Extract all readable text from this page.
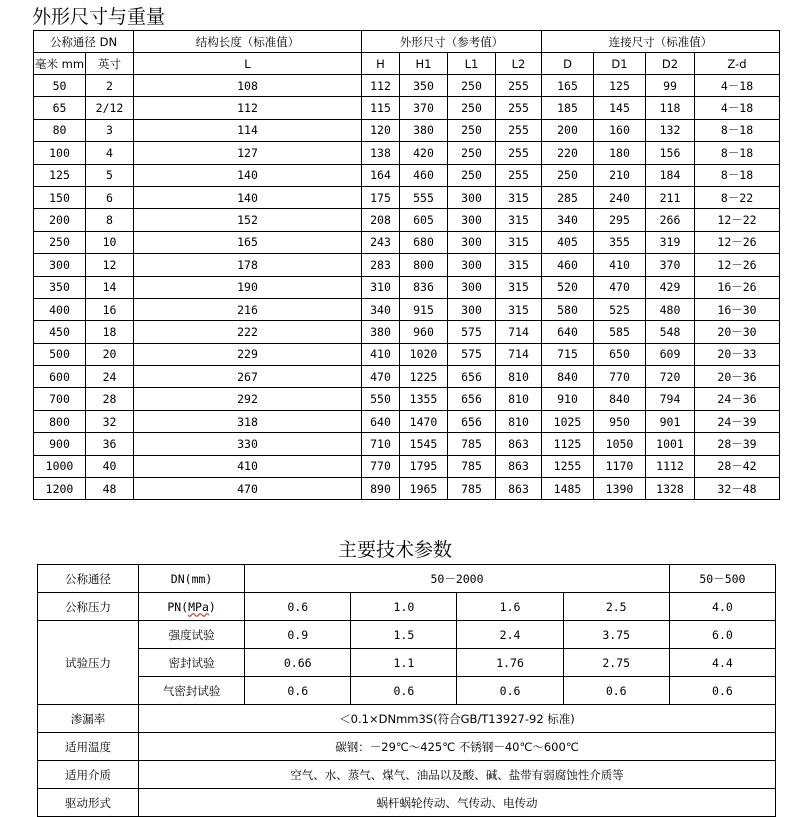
外形尺寸与重量
公称通径 DN		结构长度（标准值）	外形尺寸（参考值）				连接尺寸（标准值）			
毫米 mm	英寸	L	H	H1	L1	L2	D	D1	D2	Z-d
50	2	108	112	350	250	255	165	125	99	4－18
65	2/12	112	115	370	250	255	185	145	118	4－18
80	3	114	120	380	250	255	200	160	132	8－18
100	4	127	138	420	250	255	220	180	156	8－18
125	5	140	164	460	250	255	250	210	184	8－18
150	6	140	175	555	300	315	285	240	211	8－22
200	8	152	208	605	300	315	340	295	266	12－22
250	10	165	243	680	300	315	405	355	319	12－26
300	12	178	283	800	300	315	460	410	370	12－26
350	14	190	310	836	300	315	520	470	429	16－26
400	16	216	340	915	300	315	580	525	480	16－30
450	18	222	380	960	575	714	640	585	548	20－30
500	20	229	410	1020	575	714	715	650	609	20－33
600	24	267	470	1225	656	810	840	770	720	20－36
700	28	292	550	1355	656	810	910	840	794	24－36
800	32	318	640	1470	656	810	1025	950	901	24－39
900	36	330	710	1545	785	863	1125	1050	1001	28－39
1000	40	410	770	1795	785	863	1255	1170	1112	28－42
1200	48	470	890	1965	785	863	1485	1390	1328	32－48
主要技术参数
公称通径	DN(mm)	50－2000				50－500
公称压力	PN(MPa)	0.6	1.0	1.6	2.5	4.0
试验压力	强度试验	0.9	1.5	2.4	3.75	6.0
	密封试验	0.66	1.1	1.76	2.75	4.4
	气密封试验	0.6	0.6	0.6	0.6	0.6
渗漏率	＜0.1×DNmm3S(符合GB/T13927-92 标准)					
适用温度	碳钢：－29℃～425℃ 不锈钢－40℃～600℃					
适用介质	空气、水、蒸气、煤气、油品以及酸、碱、盐带有弱腐蚀性介质等					
驱动形式	蜗杆蜗轮传动、气传动、电传动					
